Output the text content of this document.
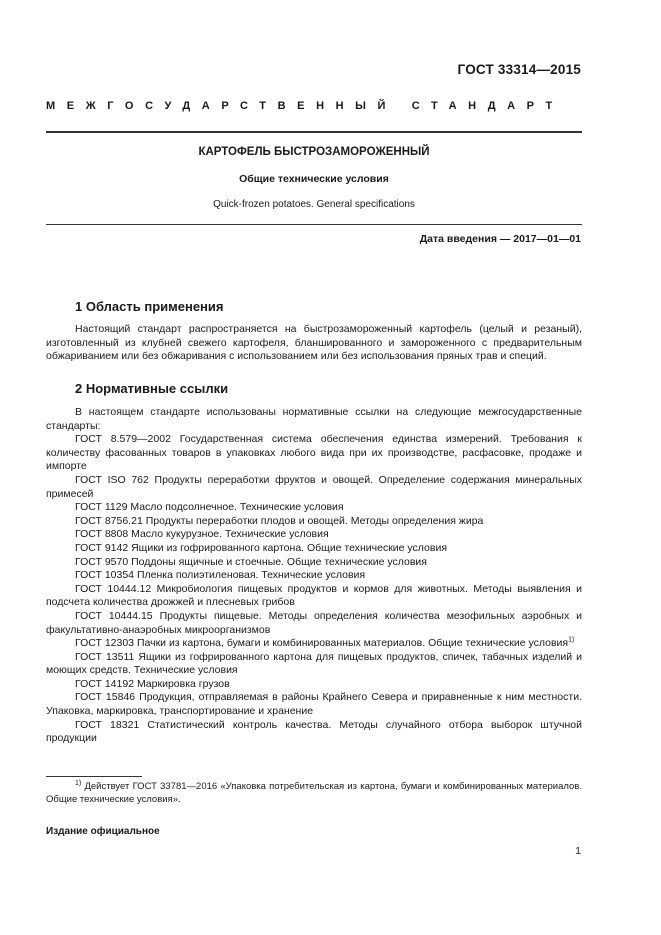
ГОСТ 33314—2015
МЕЖГОСУДАРСТВЕННЫЙ СТАНДАРТ
КАРТОФЕЛЬ БЫСТРОЗАМОРОЖЕННЫЙ
Общие технические условия
Quick-frozen potatoes. General specifications
Дата введения — 2017—01—01
1 Область применения

Настоящий стандарт распространяется на быстрозамороженный картофель (целый и резаный), изготовленный из клубней свежего картофеля, бланшированного и замороженного с предварительным обжариванием или без обжаривания с использованием или без использования пряных трав и специй.

2 Нормативные ссылки

В настоящем стандарте использованы нормативные ссылки на следующие межгосударственные стандарты:

ГОСТ 8.579—2002 Государственная система обеспечения единства измерений. Требования к количеству фасованных товаров в упаковках любого вида при их производстве, расфасовке, продаже и импорте

ГОСТ ISO 762 Продукты переработки фруктов и овощей. Определение содержания минеральных примесей

ГОСТ 1129 Масло подсолнечное. Технические условия

ГОСТ 8756.21 Продукты переработки плодов и овощей. Методы определения жира

ГОСТ 8808 Масло кукурузное. Технические условия

ГОСТ 9142 Ящики из гофрированного картона. Общие технические условия

ГОСТ 9570 Поддоны ящичные и стоечные. Общие технические условия

ГОСТ 10354 Пленка полиэтиленовая. Технические условия

ГОСТ 10444.12 Микробиология пищевых продуктов и кормов для животных. Методы выявления и подсчета количества дрожжей и плесневых грибов

ГОСТ 10444.15 Продукты пищевые. Методы определения количества мезофильных аэробных и факультативно-анаэробных микроорганизмов

ГОСТ 12303 Пачки из картона, бумаги и комбинированных материалов. Общие технические условия$^{1)}$

ГОСТ 13511 Ящики из гофрированного картона для пищевых продуктов, спичек, табачных изделий и моющих средств. Технические условия

ГОСТ 14192 Маркировка грузов

ГОСТ 15846 Продукция, отправляемая в районы Крайнего Севера и приравненные к ним местности. Упаковка, маркировка, транспортирование и хранение

ГОСТ 18321 Статистический контроль качества. Методы случайного отбора выборок штучной продукции

$^{1)}$ Действует ГОСТ 33781—2016 «Упаковка потребительская из картона, бумаги и комбинированных материалов. Общие технические условия».

Издание официальное
1
